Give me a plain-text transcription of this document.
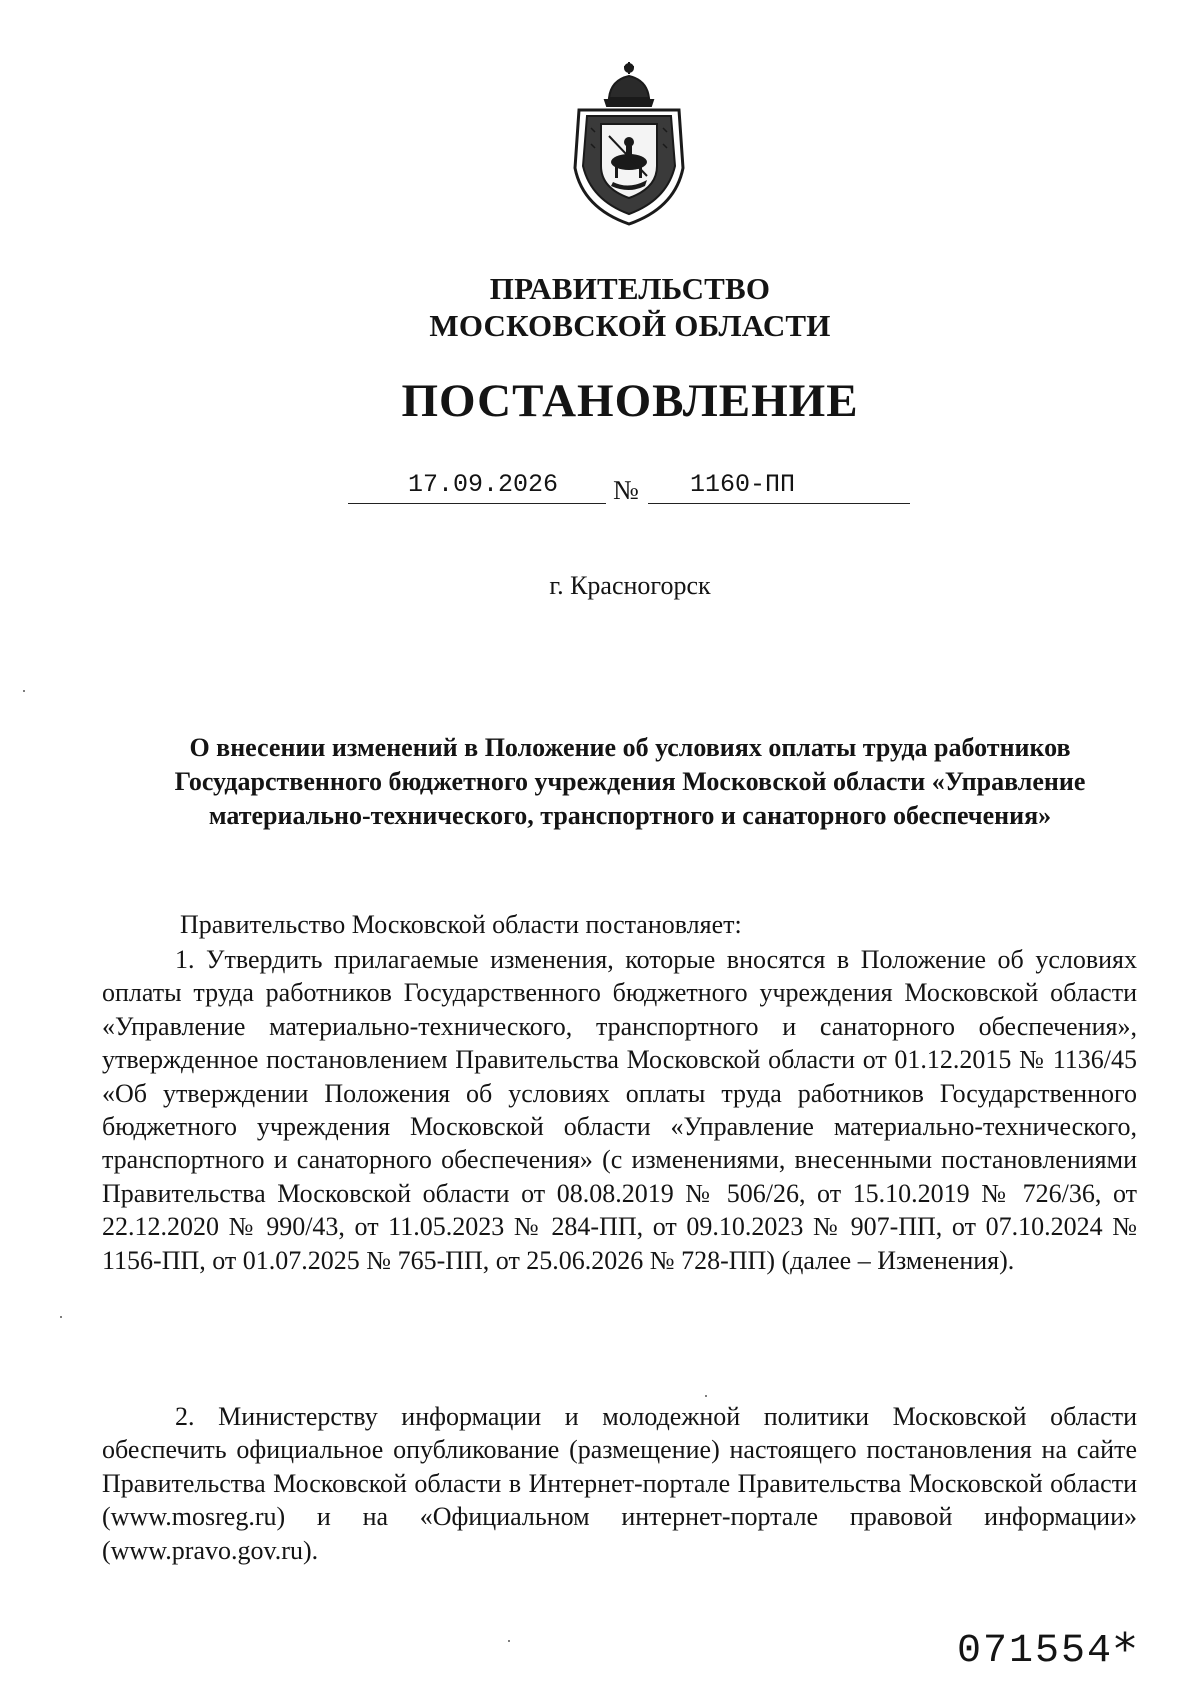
ПРАВИТЕЛЬСТВО
МОСКОВСКОЙ ОБЛАСТИ
ПОСТАНОВЛЕНИЕ
17.09.2026 № 1160-ПП
г. Красногорск
О внесении изменений в Положение об условиях оплаты труда работников
Государственного бюджетного учреждения Московской области «Управление
материально-технического, транспортного и санаторного обеспечения»
Правительство Московской области постановляет:
1. Утвердить прилагаемые изменения, которые вносятся в Положение об условиях оплаты труда работников Государственного бюджетного учреждения Московской области «Управление материально-технического, транспортного и санаторного обеспечения», утвержденное постановлением Правительства Московской области от 01.12.2015 № 1136/45 «Об утверждении Положения об условиях оплаты труда работников Государственного бюджетного учреждения Московской области «Управление материально-технического, транспортного и санаторного обеспечения» (с изменениями, внесенными постановлениями Правительства Московской области от 08.08.2019 № 506/26, от 15.10.2019 № 726/36, от 22.12.2020 № 990/43, от 11.05.2023 № 284-ПП, от 09.10.2023 № 907-ПП, от 07.10.2024 № 1156-ПП, от 01.07.2025 № 765-ПП, от 25.06.2026 № 728-ПП) (далее – Изменения).
2. Министерству информации и молодежной политики Московской области обеспечить официальное опубликование (размещение) настоящего постановления на сайте Правительства Московской области в Интернет-портале Правительства Московской области (www.mosreg.ru) и на «Официальном интернет-портале правовой информации» (www.pravo.gov.ru).
071554 *
